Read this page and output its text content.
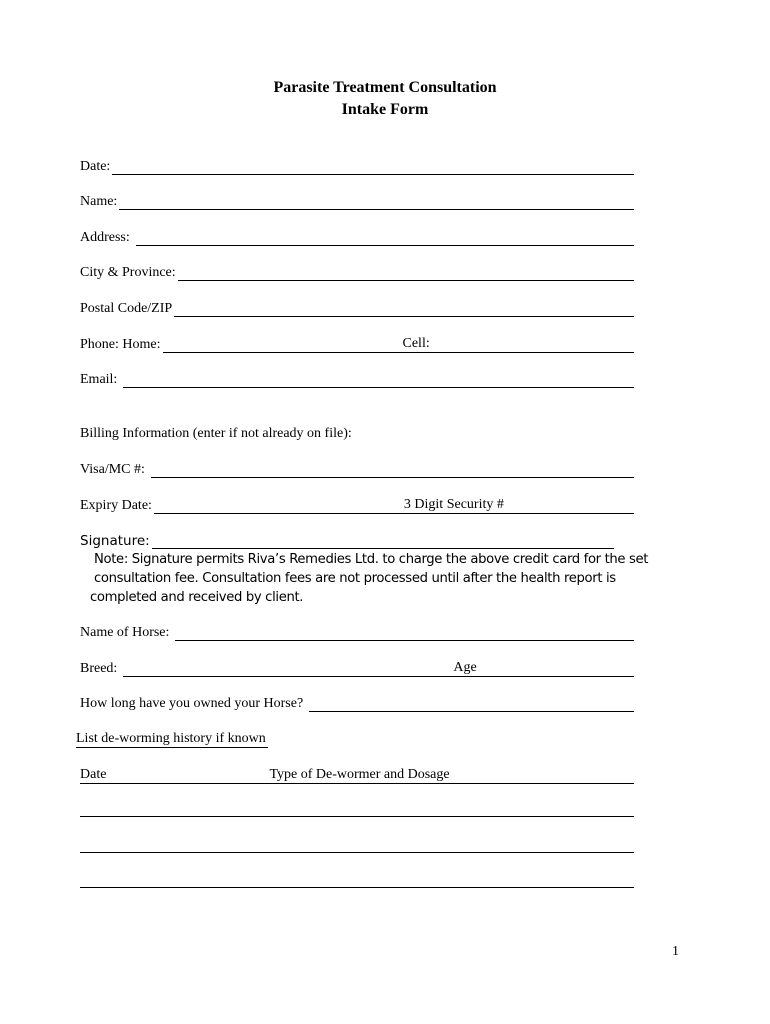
Parasite Treatment Consultation
Intake Form
Date:
Name:
Address:
City & Province:
Postal Code/ZIP
Phone: Home:	Cell:
Email:
Billing Information (enter if not already on file):
Visa/MC #:
Expiry Date:	3 Digit Security #
Signature:
Note: Signature permits Riva’s Remedies Ltd. to charge the above credit card for the set
consultation fee. Consultation fees are not processed until after the health report is
completed and received by client.
Name of Horse:
Breed:	Age
How long have you owned your Horse?
List de-worming history if known
Date	Type of De-wormer and Dosage
1
